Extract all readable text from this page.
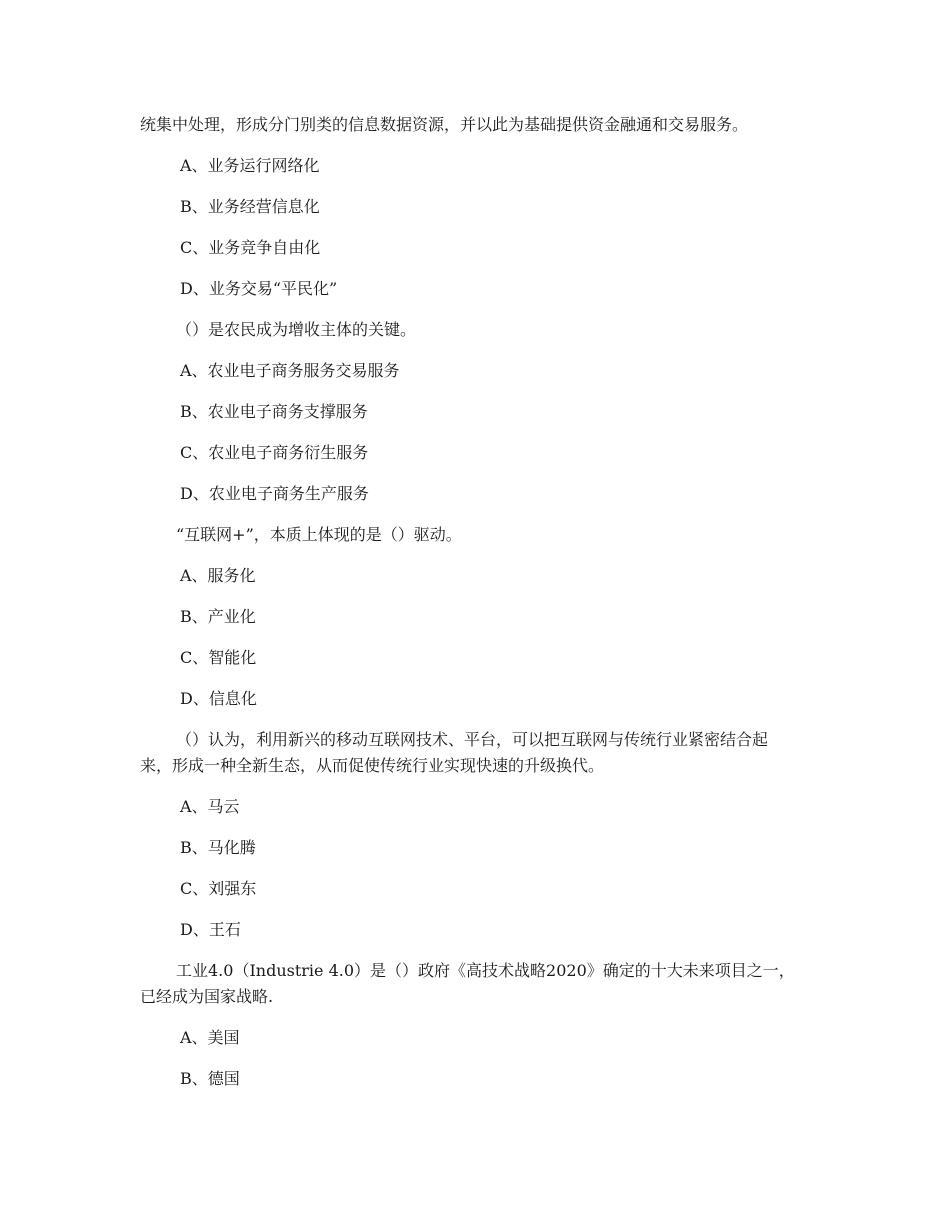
统集中处理，形成分门别类的信息数据资源，并以此为基础提供资金融通和交易服务。
A、业务运行网络化
B、业务经营信息化
C、业务竞争自由化
D、业务交易“平民化”
（）是农民成为增收主体的关键。
A、农业电子商务服务交易服务
B、农业电子商务支撑服务
C、农业电子商务衍生服务
D、农业电子商务生产服务
“互联网+”，本质上体现的是（）驱动。
A、服务化
B、产业化
C、智能化
D、信息化
（）认为，利用新兴的移动互联网技术、平台，可以把互联网与传统行业紧密结合起
来，形成一种全新生态，从而促使传统行业实现快速的升级换代。
A、马云
B、马化腾
C、刘强东
D、王石
工业4.0（Industrie 4.0）是（）政府《高技术战略2020》确定的十大未来项目之一，
已经成为国家战略.
A、美国
B、德国
